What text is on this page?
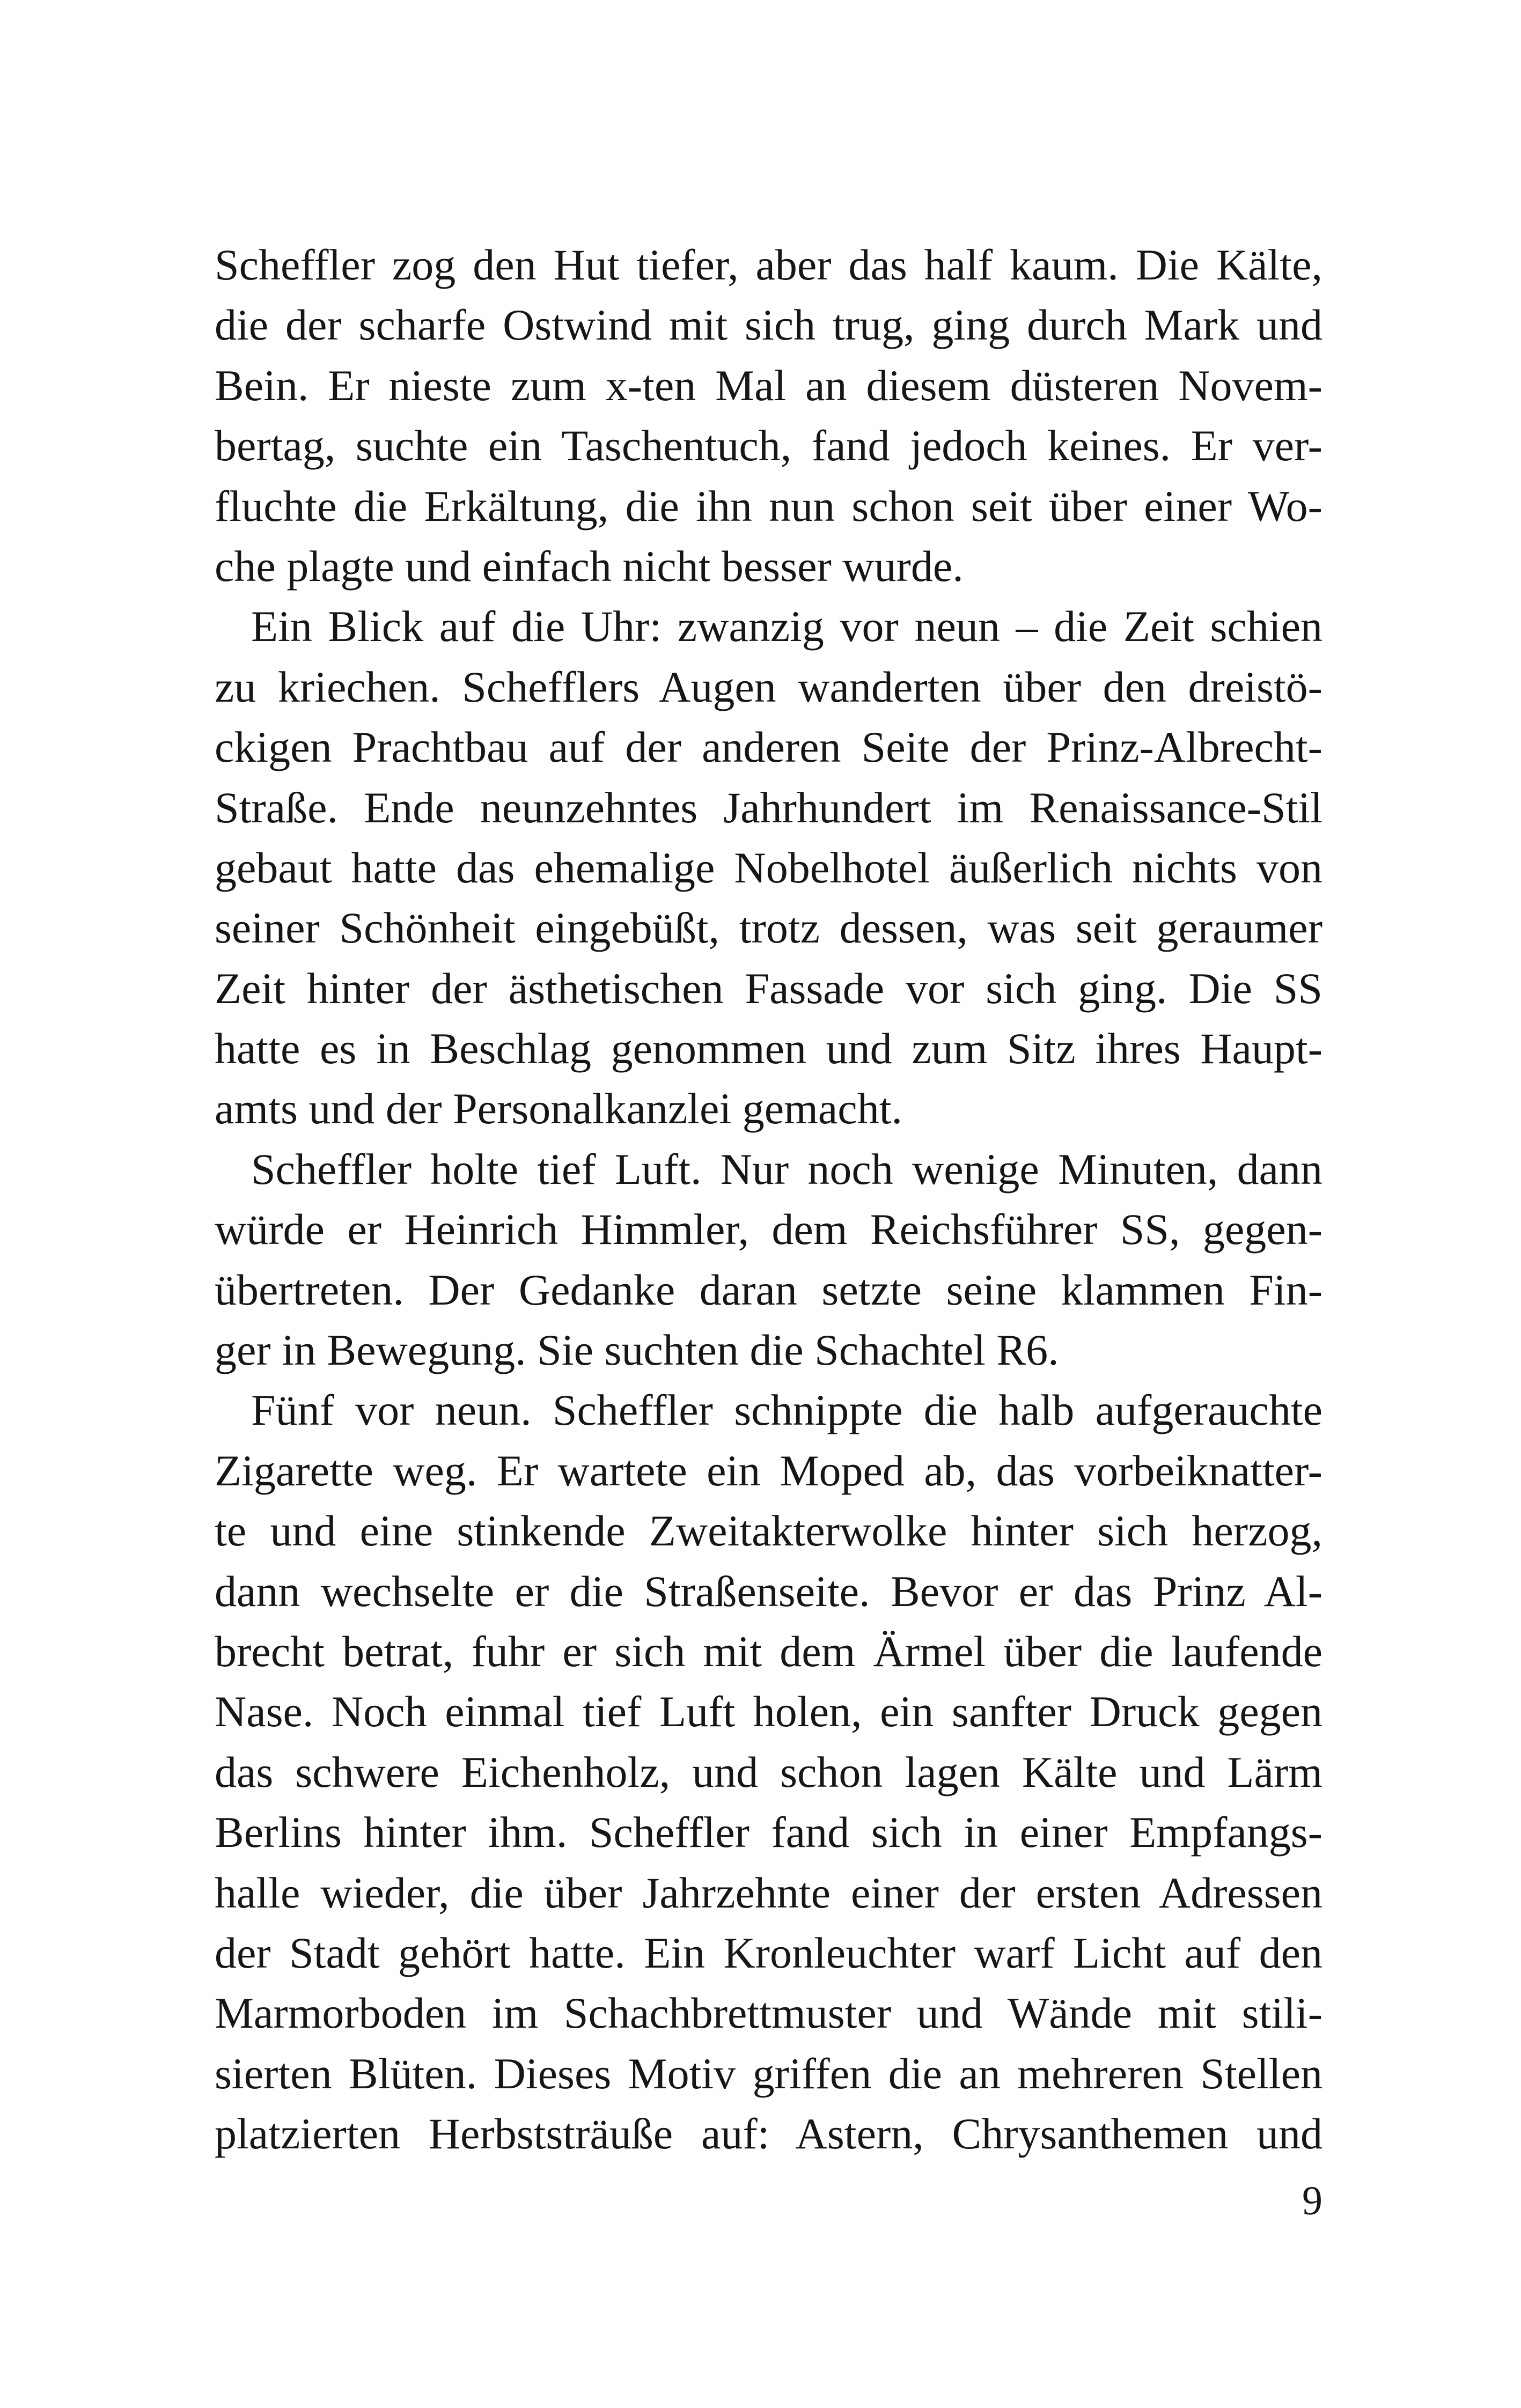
Scheffler zog den Hut tiefer, aber das half kaum. Die Kälte,
die der scharfe Ostwind mit sich trug, ging durch Mark und
Bein. Er nieste zum x-ten Mal an diesem düsteren Novem-
bertag, suchte ein Taschentuch, fand jedoch keines. Er ver-
fluchte die Erkältung, die ihn nun schon seit über einer Wo-
che plagte und einfach nicht besser wurde.
Ein Blick auf die Uhr: zwanzig vor neun – die Zeit schien
zu kriechen. Schefflers Augen wanderten über den dreistö-
ckigen Prachtbau auf der anderen Seite der Prinz-Albrecht-
Straße. Ende neunzehntes Jahrhundert im Renaissance-Stil
gebaut hatte das ehemalige Nobelhotel äußerlich nichts von
seiner Schönheit eingebüßt, trotz dessen, was seit geraumer
Zeit hinter der ästhetischen Fassade vor sich ging. Die SS
hatte es in Beschlag genommen und zum Sitz ihres Haupt-
amts und der Personalkanzlei gemacht.
Scheffler holte tief Luft. Nur noch wenige Minuten, dann
würde er Heinrich Himmler, dem Reichsführer SS, gegen-
übertreten. Der Gedanke daran setzte seine klammen Fin-
ger in Bewegung. Sie suchten die Schachtel R6.
Fünf vor neun. Scheffler schnippte die halb aufgerauchte
Zigarette weg. Er wartete ein Moped ab, das vorbeiknatter-
te und eine stinkende Zweitakterwolke hinter sich herzog,
dann wechselte er die Straßenseite. Bevor er das Prinz Al-
brecht betrat, fuhr er sich mit dem Ärmel über die laufende
Nase. Noch einmal tief Luft holen, ein sanfter Druck gegen
das schwere Eichenholz, und schon lagen Kälte und Lärm
Berlins hinter ihm. Scheffler fand sich in einer Empfangs-
halle wieder, die über Jahrzehnte einer der ersten Adressen
der Stadt gehört hatte. Ein Kronleuchter warf Licht auf den
Marmorboden im Schachbrettmuster und Wände mit stili-
sierten Blüten. Dieses Motiv griffen die an mehreren Stellen
platzierten Herbststräuße auf: Astern, Chrysanthemen und
9
